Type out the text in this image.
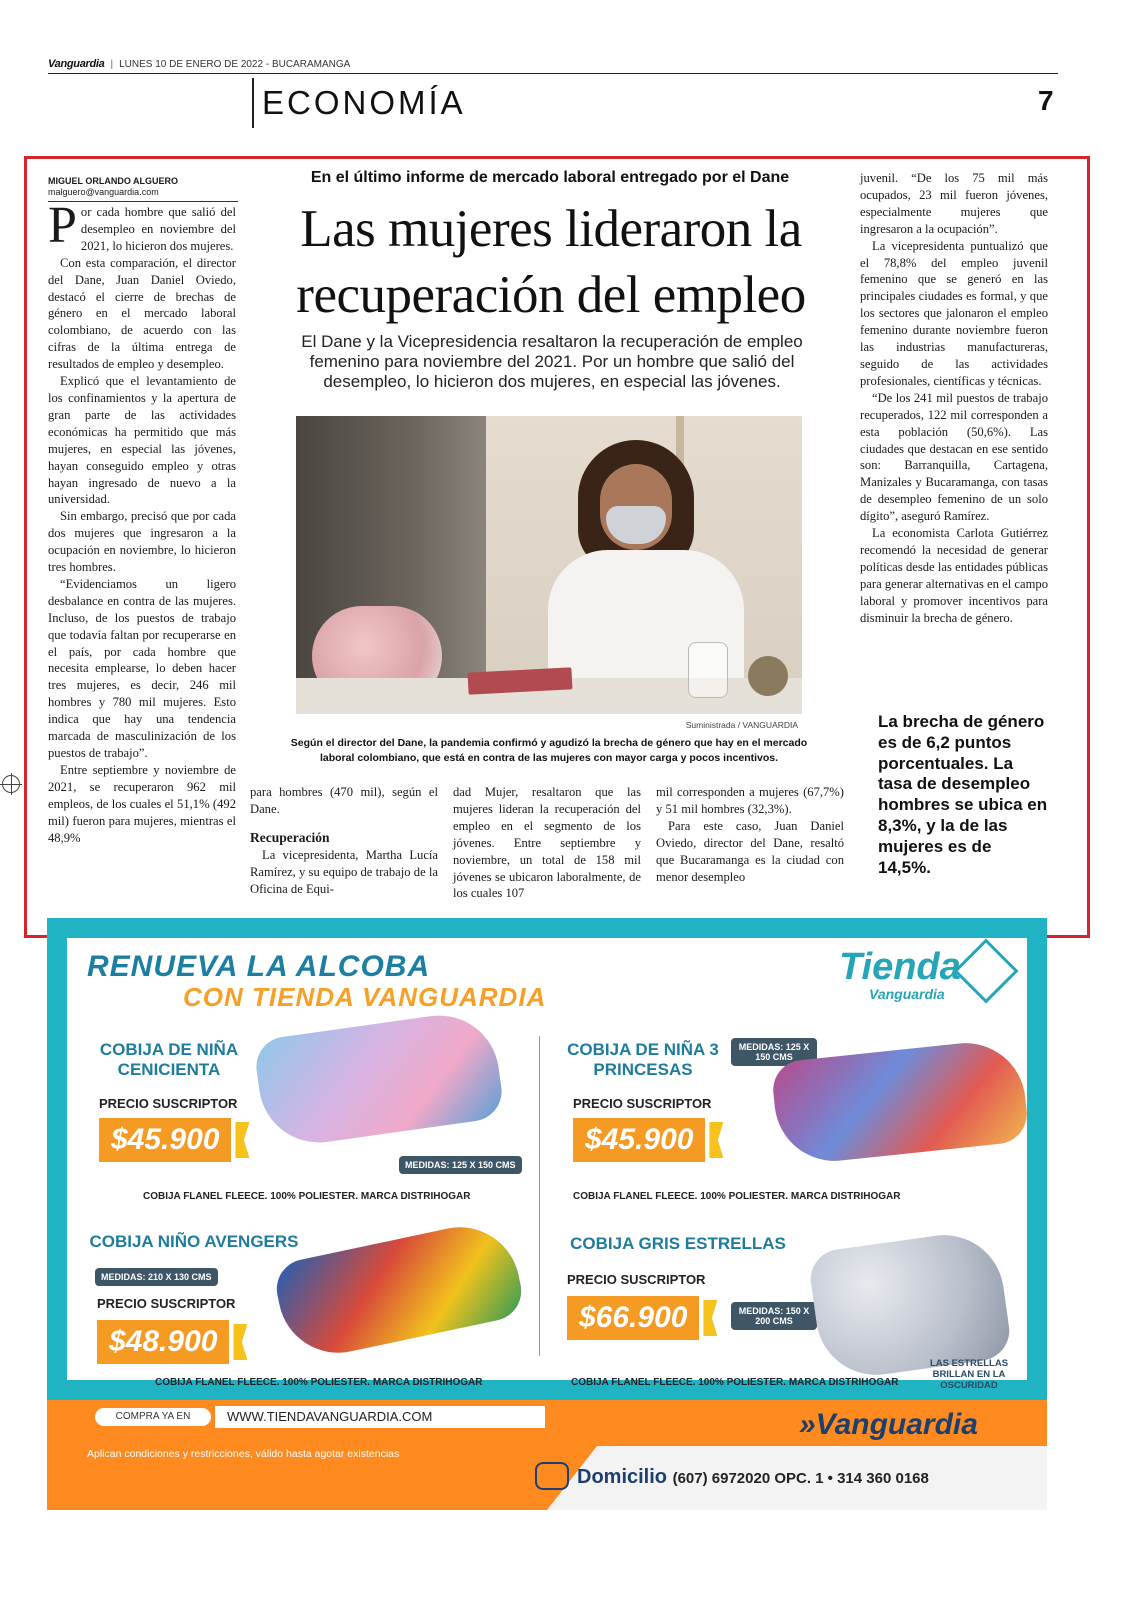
Vanguardia | LUNES 10 DE ENERO DE 2022 - BUCARAMANGA
ECONOMÍA	7
MIGUEL ORLANDO ALGUERO
malguero@vanguardia.com

Por cada hombre que salió del desempleo en noviembre del 2021, lo hicieron dos mujeres.

Con esta comparación, el director del Dane, Juan Daniel Oviedo, destacó el cierre de brechas de género en el mercado laboral colombiano, de acuerdo con las cifras de la última entrega de resultados de empleo y desempleo.

Explicó que el levantamiento de los confinamientos y la apertura de gran parte de las actividades económicas ha permitido que más mujeres, en especial las jóvenes, hayan conseguido empleo y otras hayan ingresado de nuevo a la universidad.

Sin embargo, precisó que por cada dos mujeres que ingresaron a la ocupación en noviembre, lo hicieron tres hombres.

“Evidenciamos un ligero desbalance en contra de las mujeres. Incluso, de los puestos de trabajo que todavía faltan por recuperarse en el país, por cada hombre que necesita emplearse, lo deben hacer tres mujeres, es decir, 246 mil hombres y 780 mil mujeres. Esto indica que hay una tendencia marcada de masculinización de los puestos de trabajo”.

Entre septiembre y noviembre de 2021, se recuperaron 962 mil empleos, de los cuales el 51,1% (492 mil) fueron para mujeres, mientras el 48,9%

En el último informe de mercado laboral entregado por el Dane
Las mujeres lideraron la
recuperación del empleo
El Dane y la Vicepresidencia resaltaron la recuperación de empleo femenino para noviembre del 2021. Por un hombre que salió del desempleo, lo hicieron dos mujeres, en especial las jóvenes.
Suministrada / VANGUARDIA
Según el director del Dane, la pandemia confirmó y agudizó la brecha de género que hay en el mercado laboral colombiano, que está en contra de las mujeres con mayor carga y pocos incentivos.

para hombres (470 mil), según el Dane.

Recuperación

La vicepresidenta, Martha Lucía Ramírez, y su equipo de trabajo de la Oficina de Equi-

dad Mujer, resaltaron que las mujeres lideran la recuperación del empleo en el segmento de los jóvenes. Entre septiembre y noviembre, un total de 158 mil jóvenes se ubicaron laboralmente, de los cuales 107

mil corresponden a mujeres (67,7%) y 51 mil hombres (32,3%).

Para este caso, Juan Daniel Oviedo, director del Dane, resaltó que Bucaramanga es la ciudad con menor desempleo

juvenil. “De los 75 mil más ocupados, 23 mil fueron jóvenes, especialmente mujeres que ingresaron a la ocupación”.

La vicepresidenta puntualizó que el 78,8% del empleo juvenil femenino que se generó en las principales ciudades es formal, y que los sectores que jalonaron el empleo femenino durante noviembre fueron las industrias manufactureras, seguido de las actividades profesionales, científicas y técnicas.

“De los 241 mil puestos de trabajo recuperados, 122 mil corresponden a esta población (50,6%). Las ciudades que destacan en ese sentido son: Barranquilla, Cartagena, Manizales y Bucaramanga, con tasas de desempleo femenino de un solo dígito”, aseguró Ramírez.

La economista Carlota Gutiérrez recomendó la necesidad de generar políticas desde las entidades públicas para generar alternativas en el campo laboral y promover incentivos para disminuir la brecha de género.

La brecha de género es de 6,2 puntos porcentuales. La tasa de desempleo hombres se ubica en 8,3%, y la de las mujeres es de 14,5%.
RENUEVA LA ALCOBA
CON TIENDA VANGUARDIA
Tienda
Vanguardia
COBIJA DE NIÑA CENICIENTA
PRECIO SUSCRIPTOR
$45.900
MEDIDAS: 125 X 150 CMS
COBIJA FLANEL FLEECE. 100% POLIESTER. MARCA DISTRIHOGAR
COBIJA DE NIÑA 3 PRINCESAS
MEDIDAS: 125 X 150 CMS
PRECIO SUSCRIPTOR
$45.900
COBIJA FLANEL FLEECE. 100% POLIESTER. MARCA DISTRIHOGAR
COBIJA NIÑO AVENGERS
MEDIDAS: 210 X 130 CMS
PRECIO SUSCRIPTOR
$48.900
COBIJA FLANEL FLEECE. 100% POLIESTER. MARCA DISTRIHOGAR
COBIJA GRIS ESTRELLAS
PRECIO SUSCRIPTOR
$66.900	MEDIDAS: 150 X 200 CMS
LAS ESTRELLAS BRILLAN EN LA OSCURIDAD
COBIJA FLANEL FLEECE. 100% POLIESTER. MARCA DISTRIHOGAR
COMPRA YA EN	WWW.TIENDAVANGUARDIA.COM	»Vanguardia
Aplican condiciones y restricciones, válido hasta agotar existencias
Domicilio (607) 6972020 OPC. 1 • 314 360 0168
